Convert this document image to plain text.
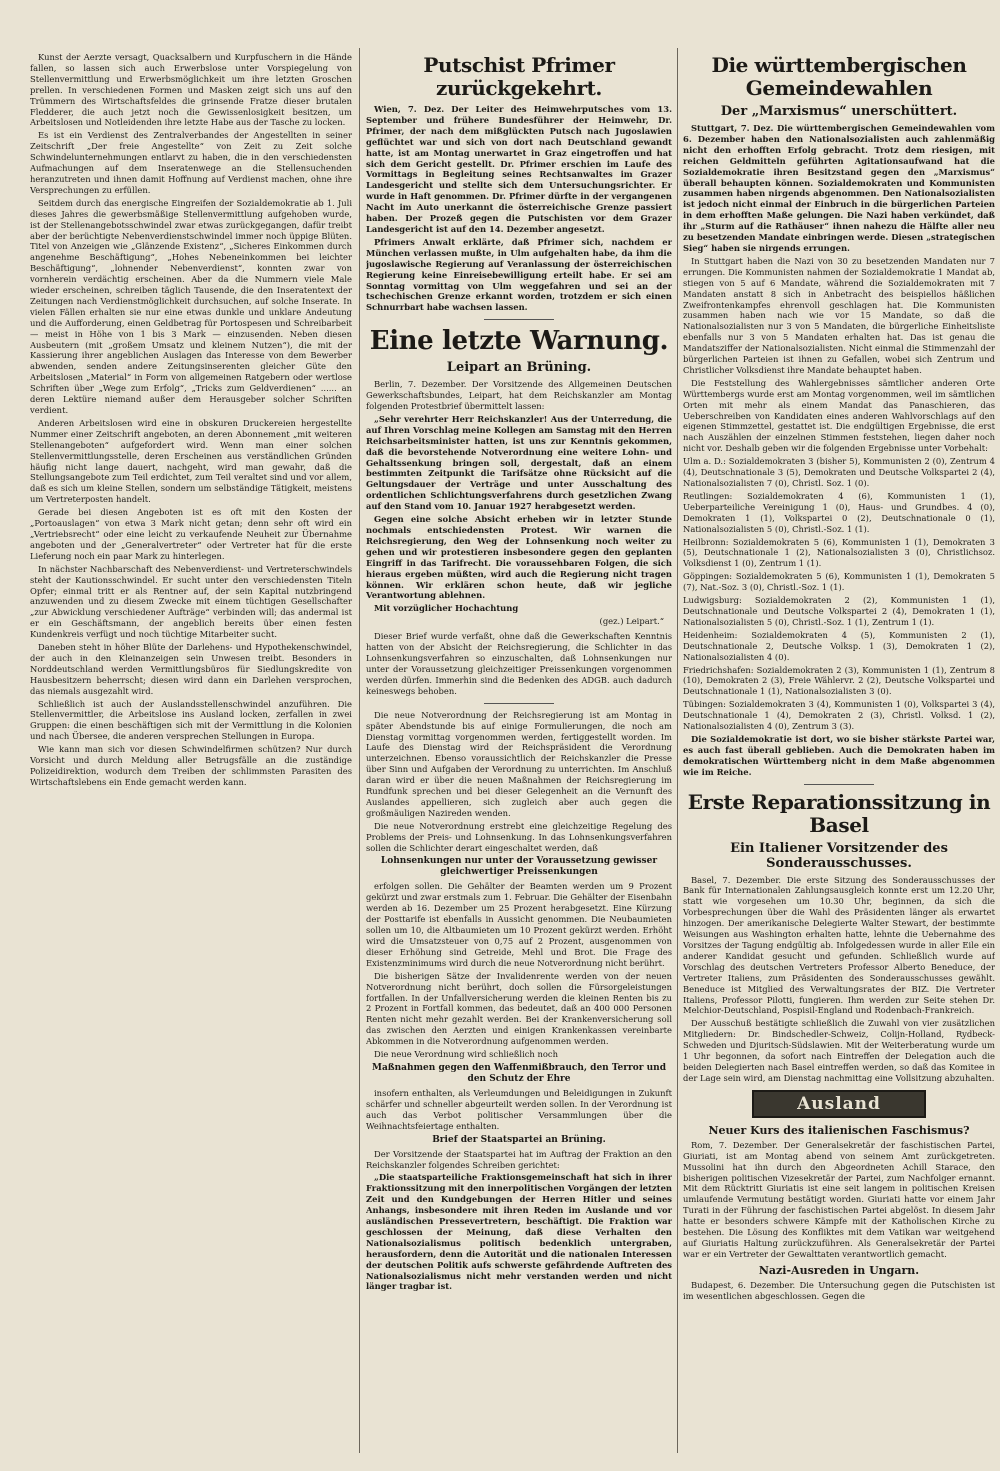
Kunst der Aerzte versagt, Quacksalbern und Kurpfuschern in die Hände fallen, so lassen sich auch Erwerbslose unter Vorspiegelung von Stellenvermittlung und Erwerbsmöglichkeit um ihre letzten Groschen prellen. In verschiedenen Formen und Masken zeigt sich uns auf den Trümmern des Wirtschaftsfeldes die grinsende Fratze dieser brutalen Fledderer, die auch jetzt noch die Gewissenlosigkeit besitzen, um Arbeitslosen und Notleidenden ihre letzte Habe aus der Tasche zu locken.

Es ist ein Verdienst des Zentralverbandes der Angestellten in seiner Zeitschrift „Der freie Angestellte“ von Zeit zu Zeit solche Schwindelunternehmungen entlarvt zu haben, die in den verschiedensten Aufmachungen auf dem Inseratenwege an die Stellensuchenden heranzutreten und ihnen damit Hoffnung auf Verdienst machen, ohne ihre Versprechungen zu erfüllen.

Seitdem durch das energische Eingreifen der Sozialdemokratie ab 1. Juli dieses Jahres die gewerbsmäßige Stellenvermittlung aufgehoben wurde, ist der Stellenangebotsschwindel zwar etwas zurückgegangen, dafür treibt aber der berüchtigte Nebenverdienstschwindel immer noch üppige Blüten. Titel von Anzeigen wie „Glänzende Existenz“, „Sicheres Einkommen durch angenehme Beschäftigung“, „Hohes Nebeneinkommen bei leichter Beschäftigung“, „lohnender Nebenverdienst“, konnten zwar von vornherein verdächtig erscheinen. Aber da die Nummern viele Male wieder erscheinen, schreiben täglich Tausende, die den Inseratentext der Zeitungen nach Verdienstmöglichkeit durchsuchen, auf solche Inserate. In vielen Fällen erhalten sie nur eine etwas dunkle und unklare Andeutung und die Aufforderung, einen Geldbetrag für Portospesen und Schreibarbeit — meist in Höhe von 1 bis 3 Mark — einzusenden. Neben diesen Ausbeutern (mit „großem Umsatz und kleinem Nutzen“), die mit der Kassierung ihrer angeblichen Auslagen das Interesse von dem Bewerber abwenden, senden andere Zeitungsinserenten gleicher Güte den Arbeitslosen „Material“ in Form von allgemeinen Ratgebern oder wertlose Schriften über „Wege zum Erfolg“, „Tricks zum Geldverdienen“ ...... an deren Lektüre niemand außer dem Herausgeber solcher Schriften verdient.

Anderen Arbeitslosen wird eine in obskuren Druckereien hergestellte Nummer einer Zeitschrift angeboten, an deren Abonnement „mit weiteren Stellenangeboten“ aufgefordert wird. Wenn man einer solchen Stellenvermittlungsstelle, deren Erscheinen aus verständlichen Gründen häufig nicht lange dauert, nachgeht, wird man gewahr, daß die Stellungsangebote zum Teil erdichtet, zum Teil veraltet sind und vor allem, daß es sich um kleine Stellen, sondern um selbständige Tätigkeit, meistens um Vertreterposten handelt.

Gerade bei diesen Angeboten ist es oft mit den Kosten der „Portoauslagen“ von etwa 3 Mark nicht getan; denn sehr oft wird ein „Vertriebsrecht“ oder eine leicht zu verkaufende Neuheit zur Übernahme angeboten und der „Generalvertreter“ oder Vertreter hat für die erste Lieferung noch ein paar Mark zu hinterlegen.

In nächster Nachbarschaft des Nebenverdienst- und Vertreterschwindels steht der Kautionsschwindel. Er sucht unter den verschiedensten Titeln Opfer; einmal tritt er als Rentner auf, der sein Kapital nutzbringend anzuwenden und zu diesem Zwecke mit einem tüchtigen Gesellschafter „zur Abwicklung verschiedener Aufträge“ verbinden will; das andermal ist er ein Geschäftsmann, der angeblich bereits über einen festen Kundenkreis verfügt und noch tüchtige Mitarbeiter sucht.

Daneben steht in höher Blüte der Darlehens- und Hypothekenschwindel, der auch in den Kleinanzeigen sein Unwesen treibt. Besonders in Norddeutschland werden Vermittlungsbüros für Siedlungskredite von Hausbesitzern beherrscht; diesen wird dann ein Darlehen versprochen, das niemals ausgezahlt wird.

Schließlich ist auch der Auslandsstellenschwindel anzuführen. Die Stellenvermittler, die Arbeitslose ins Ausland locken, zerfallen in zwei Gruppen: die einen beschäftigen sich mit der Vermittlung in die Kolonien und nach Übersee, die anderen versprechen Stellungen in Europa.

Wie kann man sich vor diesen Schwindelfirmen schützen? Nur durch Vorsicht und durch Meldung aller Betrugsfälle an die zuständige Polizeidirektion, wodurch dem Treiben der schlimmsten Parasiten des Wirtschaftslebens ein Ende gemacht werden kann.

Putschist Pfrimer zurückgekehrt.

Wien, 7. Dez. Der Leiter des Heimwehrputsches vom 13. September und frühere Bundesführer der Heimwehr, Dr. Pfrimer, der nach dem mißglückten Putsch nach Jugoslawien geflüchtet war und sich von dort nach Deutschland gewandt hatte, ist am Montag unerwartet in Graz eingetroffen und hat sich dem Gericht gestellt. Dr. Pfrimer erschien im Laufe des Vormittags in Begleitung seines Rechtsanwaltes im Grazer Landesgericht und stellte sich dem Untersuchungsrichter. Er wurde in Haft genommen. Dr. Pfrimer dürfte in der vergangenen Nacht im Auto unerkannt die österreichische Grenze passiert haben. Der Prozeß gegen die Putschisten vor dem Grazer Landesgericht ist auf den 14. Dezember angesetzt.

Pfrimers Anwalt erklärte, daß Pfrimer sich, nachdem er München verlassen mußte, in Ulm aufgehalten habe, da ihm die jugoslawische Regierung auf Veranlassung der österreichischen Regierung keine Einreisebewilligung erteilt habe. Er sei am Sonntag vormittag von Ulm weggefahren und sei an der tschechischen Grenze erkannt worden, trotzdem er sich einen Schnurrbart habe wachsen lassen.

Eine letzte Warnung.
Leipart an Brüning.

Berlin, 7. Dezember. Der Vorsitzende des Allgemeinen Deutschen Gewerkschaftsbundes, Leipart, hat dem Reichskanzler am Montag folgenden Protestbrief übermittelt lassen:

„Sehr verehrter Herr Reichskanzler! Aus der Unterredung, die auf Ihren Vorschlag meine Kollegen am Samstag mit den Herren Reichsarbeitsminister hatten, ist uns zur Kenntnis gekommen, daß die bevorstehende Notverordnung eine weitere Lohn- und Gehaltssenkung bringen soll, dergestalt, daß an einem bestimmten Zeitpunkt die Tarifsätze ohne Rücksicht auf die Geltungsdauer der Verträge und unter Ausschaltung des ordentlichen Schlichtungsverfahrens durch gesetzlichen Zwang auf den Stand vom 10. Januar 1927 herabgesetzt werden.

Gegen eine solche Absicht erheben wir in letzter Stunde nochmals entschiedensten Protest. Wir warnen die Reichsregierung, den Weg der Lohnsenkung noch weiter zu gehen und wir protestieren insbesondere gegen den geplanten Eingriff in das Tarifrecht. Die voraussehbaren Folgen, die sich hieraus ergeben müßten, wird auch die Regierung nicht tragen können. Wir erklären schon heute, daß wir jegliche Verantwortung ablehnen.

Mit vorzüglicher Hochachtung

(gez.) Leipart.“

Dieser Brief wurde verfaßt, ohne daß die Gewerkschaften Kenntnis hatten von der Absicht der Reichsregierung, die Schlichter in das Lohnsenkungsverfahren so einzuschalten, daß Lohnsenkungen nur unter der Voraussetzung gleichzeitiger Preissenkungen vorgenommen werden dürfen. Immerhin sind die Bedenken des ADGB. auch dadurch keineswegs behoben.

Die neue Notverordnung der Reichsregierung ist am Montag in später Abendstunde bis auf einige Formulierungen, die noch am Dienstag vormittag vorgenommen werden, fertiggestellt worden. Im Laufe des Dienstag wird der Reichspräsident die Verordnung unterzeichnen. Ebenso voraussichtlich der Reichskanzler die Presse über Sinn und Aufgaben der Verordnung zu unterrichten. Im Anschluß daran wird er über die neuen Maßnahmen der Reichsregierung im Rundfunk sprechen und bei dieser Gelegenheit an die Vernunft des Auslandes appellieren, sich zugleich aber auch gegen die großmäuligen Nazireden wenden.

Die neue Notverordnung erstrebt eine gleichzeitige Regelung des Problems der Preis- und Lohnsenkung. In das Lohnsenkungsverfahren sollen die Schlichter derart eingeschaltet werden, daß

Lohnsenkungen nur unter der Voraussetzung gewisser gleichwertiger Preissenkungen

erfolgen sollen. Die Gehälter der Beamten werden um 9 Prozent gekürzt und zwar erstmals zum 1. Februar. Die Gehälter der Eisenbahn werden ab 16. Dezember um 25 Prozent herabgesetzt. Eine Kürzung der Posttarife ist ebenfalls in Aussicht genommen. Die Neubaumieten sollen um 10, die Altbaumieten um 10 Prozent gekürzt werden. Erhöht wird die Umsatzsteuer von 0,75 auf 2 Prozent, ausgenommen von dieser Erhöhung sind Getreide, Mehl und Brot. Die Frage des Existenzminimums wird durch die neue Notverordnung nicht berührt.

Die bisherigen Sätze der Invalidenrente werden von der neuen Notverordnung nicht berührt, doch sollen die Fürsorgeleistungen fortfallen. In der Unfallversicherung werden die kleinen Renten bis zu 2 Prozent in Fortfall kommen, das bedeutet, daß an 400 000 Personen Renten nicht mehr gezahlt werden. Bei der Krankenversicherung soll das zwischen den Aerzten und einigen Krankenkassen vereinbarte Abkommen in die Notverordnung aufgenommen werden.

Die neue Verordnung wird schließlich noch

Maßnahmen gegen den Waffenmißbrauch, den Terror und den Schutz der Ehre

insofern enthalten, als Verleumdungen und Beleidigungen in Zukunft schärfer und schneller abgeurteilt werden sollen. In der Verordnung ist auch das Verbot politischer Versammlungen über die Weihnachtsfeiertage enthalten.

Brief der Staatspartei an Brüning.

Der Vorsitzende der Staatspartei hat im Auftrag der Fraktion an den Reichskanzler folgendes Schreiben gerichtet:

„Die staatsparteiliche Fraktionsgemeinschaft hat sich in ihrer Fraktionssitzung mit den innerpolitischen Vorgängen der letzten Zeit und den Kundgebungen der Herren Hitler und seines Anhangs, insbesondere mit ihren Reden im Auslande und vor ausländischen Pressevertretern, beschäftigt. Die Fraktion war geschlossen der Meinung, daß diese Verhalten den Nationalsozialismus politisch bedenklich untergraben, herausfordern, denn die Autorität und die nationalen Interessen der deutschen Politik aufs schwerste gefährdende Auftreten des Nationalsozialismus nicht mehr verstanden werden und nicht länger tragbar ist.

Die württembergischen Gemeindewahlen
Der „Marxismus“ unerschüttert.

Stuttgart, 7. Dez. Die württembergischen Gemeindewahlen vom 6. Dezember haben den Nationalsozialisten auch zahlenmäßig nicht den erhofften Erfolg gebracht. Trotz dem riesigen, mit reichen Geldmitteln geführten Agitationsaufwand hat die Sozialdemokratie ihren Besitzstand gegen den „Marxismus“ überall behaupten können. Sozialdemokraten und Kommunisten zusammen haben nirgends abgenommen. Den Nationalsozialisten ist jedoch nicht einmal der Einbruch in die bürgerlichen Parteien in dem erhofften Maße gelungen. Die Nazi haben verkündet, daß ihr „Sturm auf die Rathäuser“ ihnen nahezu die Hälfte aller neu zu besetzenden Mandate einbringen werde. Diesen „strategischen Sieg“ haben sie nirgends errungen.

In Stuttgart haben die Nazi von 30 zu besetzenden Mandaten nur 7 errungen. Die Kommunisten nahmen der Sozialdemokratie 1 Mandat ab, stiegen von 5 auf 6 Mandate, während die Sozialdemokraten mit 7 Mandaten anstatt 8 sich in Anbetracht des beispiellos häßlichen Zweifrontenkampfes ehrenvoll geschlagen hat. Die Kommunisten zusammen haben nach wie vor 15 Mandate, so daß die Nationalsozialisten nur 3 von 5 Mandaten, die bürgerliche Einheitsliste ebenfalls nur 3 von 5 Mandaten erhalten hat. Das ist genau die Mandatsziffer der Nationalsozialisten. Nicht einmal die Stimmenzahl der bürgerlichen Parteien ist ihnen zu Gefallen, wobei sich Zentrum und Christlicher Volksdienst ihre Mandate behauptet haben.

Die Feststellung des Wahlergebnisses sämtlicher anderen Orte Württembergs wurde erst am Montag vorgenommen, weil im sämtlichen Orten mit mehr als einem Mandat das Panaschieren, das Ueberschreiben von Kandidaten eines anderen Wahlvorschlags auf den eigenen Stimmzettel, gestattet ist. Die endgültigen Ergebnisse, die erst nach Auszählen der einzelnen Stimmen feststehen, liegen daher noch nicht vor. Deshalb geben wir die folgenden Ergebnisse unter Vorbehalt:

Ulm a. D.: Sozialdemokraten 3 (bisher 5), Kommunisten 2 (0), Zentrum 4 (4), Deutschnationale 3 (5), Demokraten und Deutsche Volkspartei 2 (4), Nationalsozialisten 7 (0), Christl. Soz. 1 (0).

Reutlingen: Sozialdemokraten 4 (6), Kommunisten 1 (1), Ueberparteiliche Vereinigung 1 (0), Haus- und Grundbes. 4 (0), Demokraten 1 (1), Volkspartei 0 (2), Deutschnationale 0 (1), Nationalsozialisten 5 (0), Christl.-Soz. 1 (1).

Heilbronn: Sozialdemokraten 5 (6), Kommunisten 1 (1), Demokraten 3 (5), Deutschnationale 1 (2), Nationalsozialisten 3 (0), Christlichsoz. Volksdienst 1 (0), Zentrum 1 (1).

Göppingen: Sozialdemokraten 5 (6), Kommunisten 1 (1), Demokraten 5 (7), Nat.-Soz. 3 (0), Christl.-Soz. 1 (1).

Ludwigsburg: Sozialdemokraten 2 (2), Kommunisten 1 (1), Deutschnationale und Deutsche Volkspartei 2 (4), Demokraten 1 (1), Nationalsozialisten 5 (0), Christl.-Soz. 1 (1), Zentrum 1 (1).

Heidenheim: Sozialdemokraten 4 (5), Kommunisten 2 (1), Deutschnationale 2, Deutsche Volksp. 1 (3), Demokraten 1 (2), Nationalsozialisten 4 (0).

Friedrichshafen: Sozialdemokraten 2 (3), Kommunisten 1 (1), Zentrum 8 (10), Demokraten 2 (3), Freie Wählervr. 2 (2), Deutsche Volkspartei und Deutschnationale 1 (1), Nationalsozialisten 3 (0).

Tübingen: Sozialdemokraten 3 (4), Kommunisten 1 (0), Volkspartei 3 (4), Deutschnationale 1 (4), Demokraten 2 (3), Christl. Volksd. 1 (2), Nationalsozialisten 4 (0), Zentrum 3 (3).

Die Sozialdemokratie ist dort, wo sie bisher stärkste Partei war, es auch fast überall geblieben. Auch die Demokraten haben im demokratischen Württemberg nicht in dem Maße abgenommen wie im Reiche.

Erste Reparationssitzung in Basel
Ein Italiener Vorsitzender des Sonderausschusses.

Basel, 7. Dezember. Die erste Sitzung des Sonderausschusses der Bank für Internationalen Zahlungsausgleich konnte erst um 12.20 Uhr, statt wie vorgesehen um 10.30 Uhr, beginnen, da sich die Vorbesprechungen über die Wahl des Präsidenten länger als erwartet hinzogen. Der amerikanische Delegierte Walter Stewart, der bestimmte Weisungen aus Washington erhalten hatte, lehnte die Uebernahme des Vorsitzes der Tagung endgültig ab. Infolgedessen wurde in aller Eile ein anderer Kandidat gesucht und gefunden. Schließlich wurde auf Vorschlag des deutschen Vertreters Professor Alberto Beneduce, der Vertreter Italiens, zum Präsidenten des Sonderausschusses gewählt. Beneduce ist Mitglied des Verwaltungsrates der BIZ. Die Vertreter Italiens, Professor Pilotti, fungieren. Ihm werden zur Seite stehen Dr. Melchior-Deutschland, Pospisil-England und Rodenbach-Frankreich.

Der Ausschuß bestätigte schließlich die Zuwahl von vier zusätzlichen Mitgliedern: Dr. Bindschedler-Schweiz, Colijn-Holland, Rydbeck-Schweden und Djuritsch-Südslawien. Mit der Weiterberatung wurde um 1 Uhr begonnen, da sofort nach Eintreffen der Delegation auch die beiden Delegierten nach Basel eintreffen werden, so daß das Komitee in der Lage sein wird, am Dienstag nachmittag eine Vollsitzung abzuhalten.

Ausland
Neuer Kurs des italienischen Faschismus?

Rom, 7. Dezember. Der Generalsekretär der faschistischen Partei, Giuriati, ist am Montag abend von seinem Amt zurückgetreten. Mussolini hat ihn durch den Abgeordneten Achill Starace, den bisherigen politischen Vizesekretär der Partei, zum Nachfolger ernannt. Mit dem Rücktritt Giuriatis ist eine seit langem in politischen Kreisen umlaufende Vermutung bestätigt worden. Giuriati hatte vor einem Jahr Turati in der Führung der faschistischen Partei abgelöst. In diesem Jahr hatte er besonders schwere Kämpfe mit der Katholischen Kirche zu bestehen. Die Lösung des Konfliktes mit dem Vatikan war weitgehend auf Giuriatis Haltung zurückzuführen. Als Generalsekretär der Partei war er ein Vertreter der Gewalttaten verantwortlich gemacht.

Nazi-Ausreden in Ungarn.

Budapest, 6. Dezember. Die Untersuchung gegen die Putschisten ist im wesentlichen abgeschlossen. Gegen die
